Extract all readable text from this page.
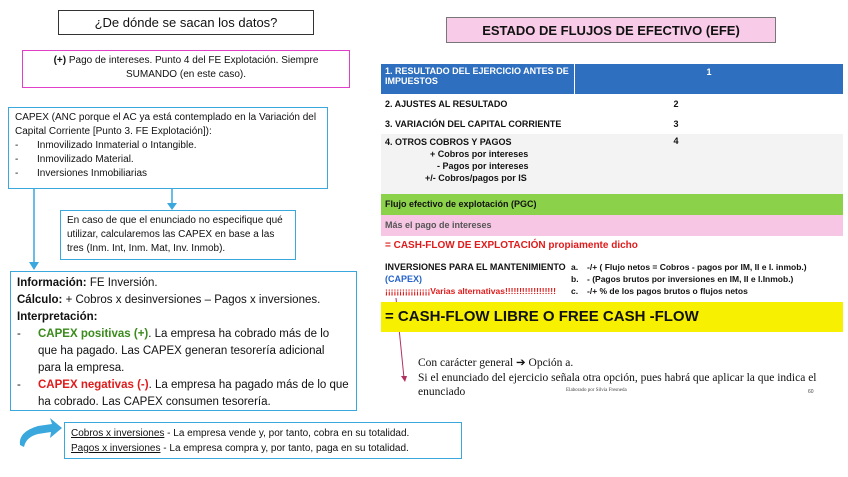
¿De dónde se sacan los datos?
(+) Pago de intereses. Punto 4 del FE Explotación. Siempre SUMANDO (en este caso).
CAPEX (ANC porque el AC ya está contemplado en la Variación del Capital Corriente [Punto 3. FE Explotación]):
-	Inmovilizado Inmaterial o Intangible.
-	Inmovilizado Material.
-	Inversiones Inmobiliarias
En caso de que el enunciado no especifique qué utilizar, calcularemos las CAPEX en base a las tres (Inm. Int, Inm. Mat, Inv. Inmob).
Información: FE Inversión.
Cálculo: + Cobros x desinversiones – Pagos x inversiones.
Interpretación:
-	CAPEX positivas (+). La empresa ha cobrado más de lo que ha pagado. Las CAPEX generan tesorería adicional para la empresa.
-	CAPEX negativas (-). La empresa ha pagado más de lo que ha cobrado. Las CAPEX consumen tesorería.
Cobros x inversiones - La empresa vende y, por tanto, cobra en su totalidad.
Pagos x inversiones - La empresa compra y, por tanto, paga en su totalidad.
ESTADO DE FLUJOS DE EFECTIVO (EFE)
1. RESULTADO DEL EJERCICIO ANTES DE IMPUESTOS
1
2. AJUSTES AL RESULTADO	2
3. VARIACIÓN DEL CAPITAL CORRIENTE	3
4. OTROS COBROS Y PAGOS
+ Cobros por intereses
- Pagos por intereses
+/- Cobros/pagos por IS
4
Flujo efectivo de explotación (PGC)
Más el pago de intereses
= CASH-FLOW DE EXPLOTACIÓN propiamente dicho
INVERSIONES PARA EL MANTENIMIENTO
(CAPEX)
¡¡¡¡¡¡¡¡¡¡¡¡¡¡¡¡Varias alternativas!!!!!!!!!!!!!!!!!!
a.	-/+ ( Flujo netos = Cobros - pagos por IM, II e I. inmob.)
b. - (Pagos brutos por inversiones en IM, II e I.Inmob.)
c.	-/+ % de los pagos brutos o flujos netos
= CASH-FLOW LIBRE O FREE CASH -FLOW
Con carácter general ➔ Opción a.
Si el enunciado del ejercicio señala otra opción, pues habrá que aplicar la que indica el enunciado	Elaborado por Silvia Fresneda	60
